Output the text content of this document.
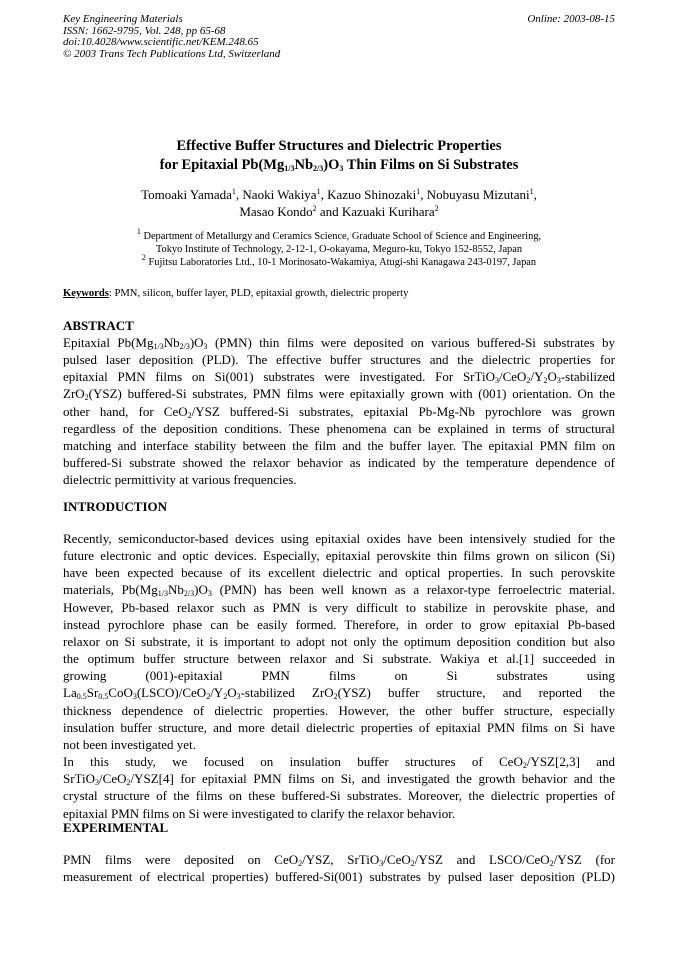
Key Engineering Materials	Online: 2003-08-15
ISSN: 1662-9795, Vol. 248, pp 65-68
doi:10.4028/www.scientific.net/KEM.248.65
© 2003 Trans Tech Publications Ltd, Switzerland
Effective Buffer Structures and Dielectric Properties
for Epitaxial $Pb(Mg_{1/3}Nb_{2/3})O_3$ Thin Films on Si Substrates
Tomoaki Yamada$^1$, Naoki Wakiya$^1$, Kazuo Shinozaki$^1$, Nobuyasu Mizutani$^1$,
Masao Kondo$^2$ and Kazuaki Kurihara$^2$
$^1$ Department of Metallurgy and Ceramics Science, Graduate School of Science and Engineering,
Tokyo Institute of Technology, 2-12-1, O-okayama, Meguro-ku, Tokyo 152-8552, Japan
$^2$ Fujitsu Laboratories Ltd., 10-1 Morinosato-Wakamiya, Atugi-shi Kanagawa 243-0197, Japan
Keywords: PMN, silicon, buffer layer, PLD, epitaxial growth, dielectric property
ABSTRACT
Epitaxial $Pb(Mg_{1/3}Nb_{2/3})O_3$ (PMN) thin films were deposited on various buffered-Si substrates by
pulsed laser deposition (PLD). The effective buffer structures and the dielectric properties for
epitaxial PMN films on Si(001) substrates were investigated. For $SrTiO_3/CeO_2/Y_2O_3$-stabilized
ZrO$_2$(YSZ) buffered-Si substrates, PMN films were epitaxially grown with (001) orientation. On the
other hand, for CeO$_2$/YSZ buffered-Si substrates, epitaxial Pb-Mg-Nb pyrochlore was grown
regardless of the deposition conditions. These phenomena can be explained in terms of structural
matching and interface stability between the film and the buffer layer. The epitaxial PMN film on
buffered-Si substrate showed the relaxor behavior as indicated by the temperature dependence of
dielectric permittivity at various frequencies.
INTRODUCTION
Recently, semiconductor-based devices using epitaxial oxides have been intensively studied for the
future electronic and optic devices. Especially, epitaxial perovskite thin films grown on silicon (Si)
have been expected because of its excellent dielectric and optical properties. In such perovskite
materials, $Pb(Mg_{1/3}Nb_{2/3})O_3$ (PMN) has been well known as a relaxor-type ferroelectric material.
However, Pb-based relaxor such as PMN is very difficult to stabilize in perovskite phase, and
instead pyrochlore phase can be easily formed. Therefore, in order to grow epitaxial Pb-based
relaxor on Si substrate, it is important to adopt not only the optimum deposition condition but also
the optimum buffer structure between relaxor and Si substrate. Wakiya et al.[1] succeeded in
growing	(001)-epitaxial	PMN	films	on	Si	substrates	using
$La_{0.5}Sr_{0.5}CoO_3(LSCO)/CeO_2/Y_2O_3$-stabilized ZrO$_2$(YSZ) buffer structure, and reported the
thickness dependence of dielectric properties. However, the other buffer structure, especially
insulation buffer structure, and more detail dielectric properties of epitaxial PMN films on Si have
not been investigated yet.
In this study, we focused on insulation buffer structures of CeO$_2$/YSZ[2,3] and
SrTiO$_3$/CeO$_2$/YSZ[4] for epitaxial PMN films on Si, and investigated the growth behavior and the
crystal structure of the films on these buffered-Si substrates. Moreover, the dielectric properties of
epitaxial PMN films on Si were investigated to clarify the relaxor behavior.
EXPERIMENTAL
PMN films were deposited on CeO$_2$/YSZ, SrTiO$_3$/CeO$_2$/YSZ and LSCO/CeO$_2$/YSZ (for
measurement of electrical properties) buffered-Si(001) substrates by pulsed laser deposition (PLD)
